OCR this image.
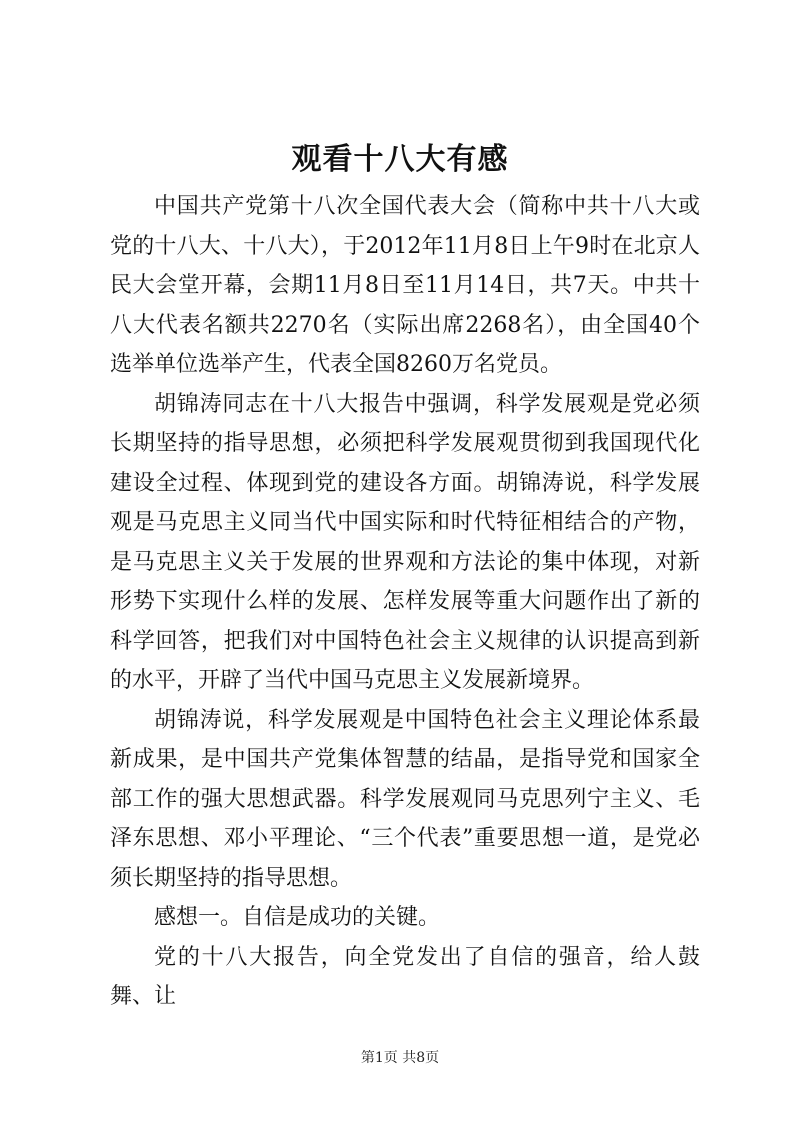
观看十八大有感

中国共产党第十八次全国代表大会（简称中共十八大或党的十八大、十八大），于2012年11月8日上午9时在北京人民大会堂开幕，会期11月8日至11月14日，共7天。中共十八大代表名额共2270名（实际出席2268名），由全国40个选举单位选举产生，代表全国8260万名党员。

胡锦涛同志在十八大报告中强调，科学发展观是党必须长期坚持的指导思想，必须把科学发展观贯彻到我国现代化建设全过程、体现到党的建设各方面。胡锦涛说，科学发展观是马克思主义同当代中国实际和时代特征相结合的产物，是马克思主义关于发展的世界观和方法论的集中体现，对新形势下实现什么样的发展、怎样发展等重大问题作出了新的科学回答，把我们对中国特色社会主义规律的认识提高到新的水平，开辟了当代中国马克思主义发展新境界。

胡锦涛说，科学发展观是中国特色社会主义理论体系最新成果，是中国共产党集体智慧的结晶，是指导党和国家全部工作的强大思想武器。科学发展观同马克思列宁主义、毛泽东思想、邓小平理论、“三个代表”重要思想一道，是党必须长期坚持的指导思想。

感想一。自信是成功的关键。

党的十八大报告，向全党发出了自信的强音，给人鼓舞、让

第1页 共8页
